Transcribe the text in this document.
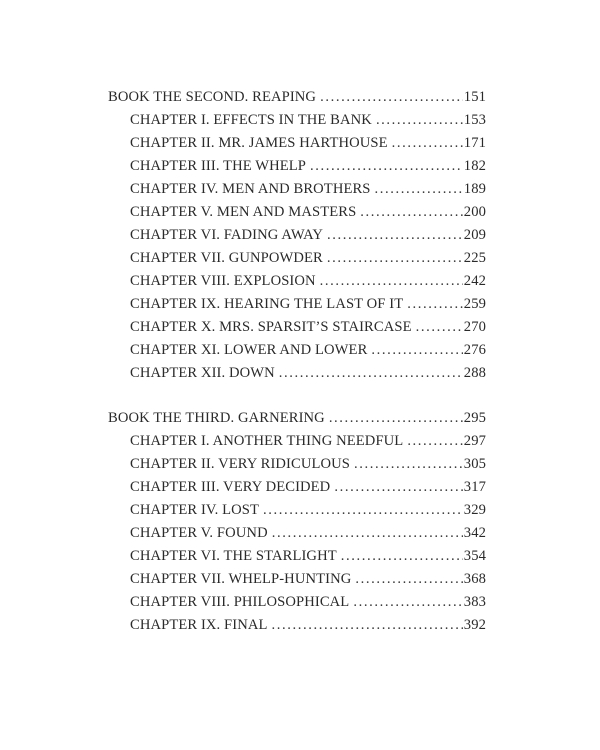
BOOK THE SECOND. REAPING .....	151
CHAPTER I. EFFECTS IN THE BANK .....	153
CHAPTER II. MR. JAMES HARTHOUSE .....	171
CHAPTER III. THE WHELP .....	182
CHAPTER IV. MEN AND BROTHERS .....	189
CHAPTER V. MEN AND MASTERS .....	200
CHAPTER VI. FADING AWAY .....	209
CHAPTER VII. GUNPOWDER .....	225
CHAPTER VIII. EXPLOSION .....	242
CHAPTER IX. HEARING THE LAST OF IT .....	259
CHAPTER X. MRS. SPARSIT’S STAIRCASE .....	270
CHAPTER XI. LOWER AND LOWER .....	276
CHAPTER XII. DOWN .....	288
BOOK THE THIRD. GARNERING .....	295
CHAPTER I. ANOTHER THING NEEDFUL .....	297
CHAPTER II. VERY RIDICULOUS .....	305
CHAPTER III. VERY DECIDED .....	317
CHAPTER IV. LOST .....	329
CHAPTER V. FOUND .....	342
CHAPTER VI. THE STARLIGHT .....	354
CHAPTER VII. WHELP-HUNTING .....	368
CHAPTER VIII. PHILOSOPHICAL .....	383
CHAPTER IX. FINAL .....	392
